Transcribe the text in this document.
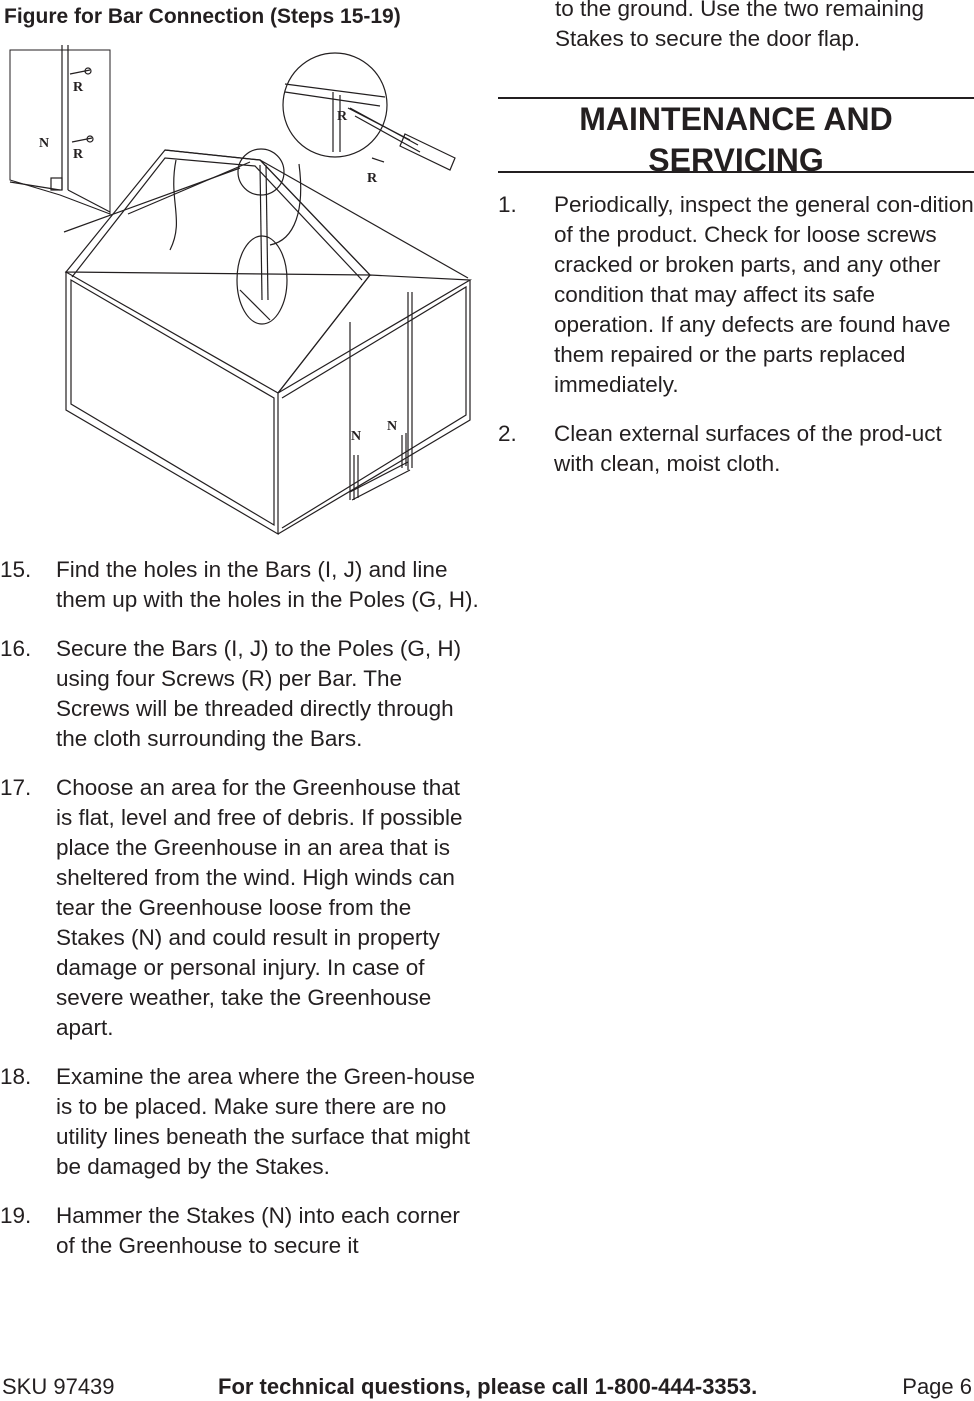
Figure for Bar Connection (Steps 15-19)
R
R
N
R
R
N
N
15.	Find the holes in the Bars (I, J) and line them up with the holes in the Poles (G, H).
16.	Secure the Bars (I, J) to the Poles (G, H) using four Screws (R) per Bar. The Screws will be threaded directly through the cloth surrounding the Bars.
17.	Choose an area for the Greenhouse that is flat, level and free of debris. If possible place the Greenhouse in an area that is sheltered from the wind. High winds can tear the Greenhouse loose from the Stakes (N) and could result in property damage or personal injury. In case of severe weather, take the Greenhouse apart.
18.	Examine the area where the Green-house is to be placed. Make sure there are no utility lines beneath the surface that might be damaged by the Stakes.
19.	Hammer the Stakes (N) into each corner of the Greenhouse to secure it
to the ground. Use the two remaining Stakes to secure the door flap.
MAINTENANCE AND SERVICING
1.	Periodically, inspect the general con-dition of the product. Check for loose screws cracked or broken parts, and any other condition that may affect its safe operation. If any defects are found have them repaired or the parts replaced immediately.
2.	Clean external surfaces of the prod-uct with clean, moist cloth.
SKU 97439	For technical questions, please call 1-800-444-3353.	Page 6
